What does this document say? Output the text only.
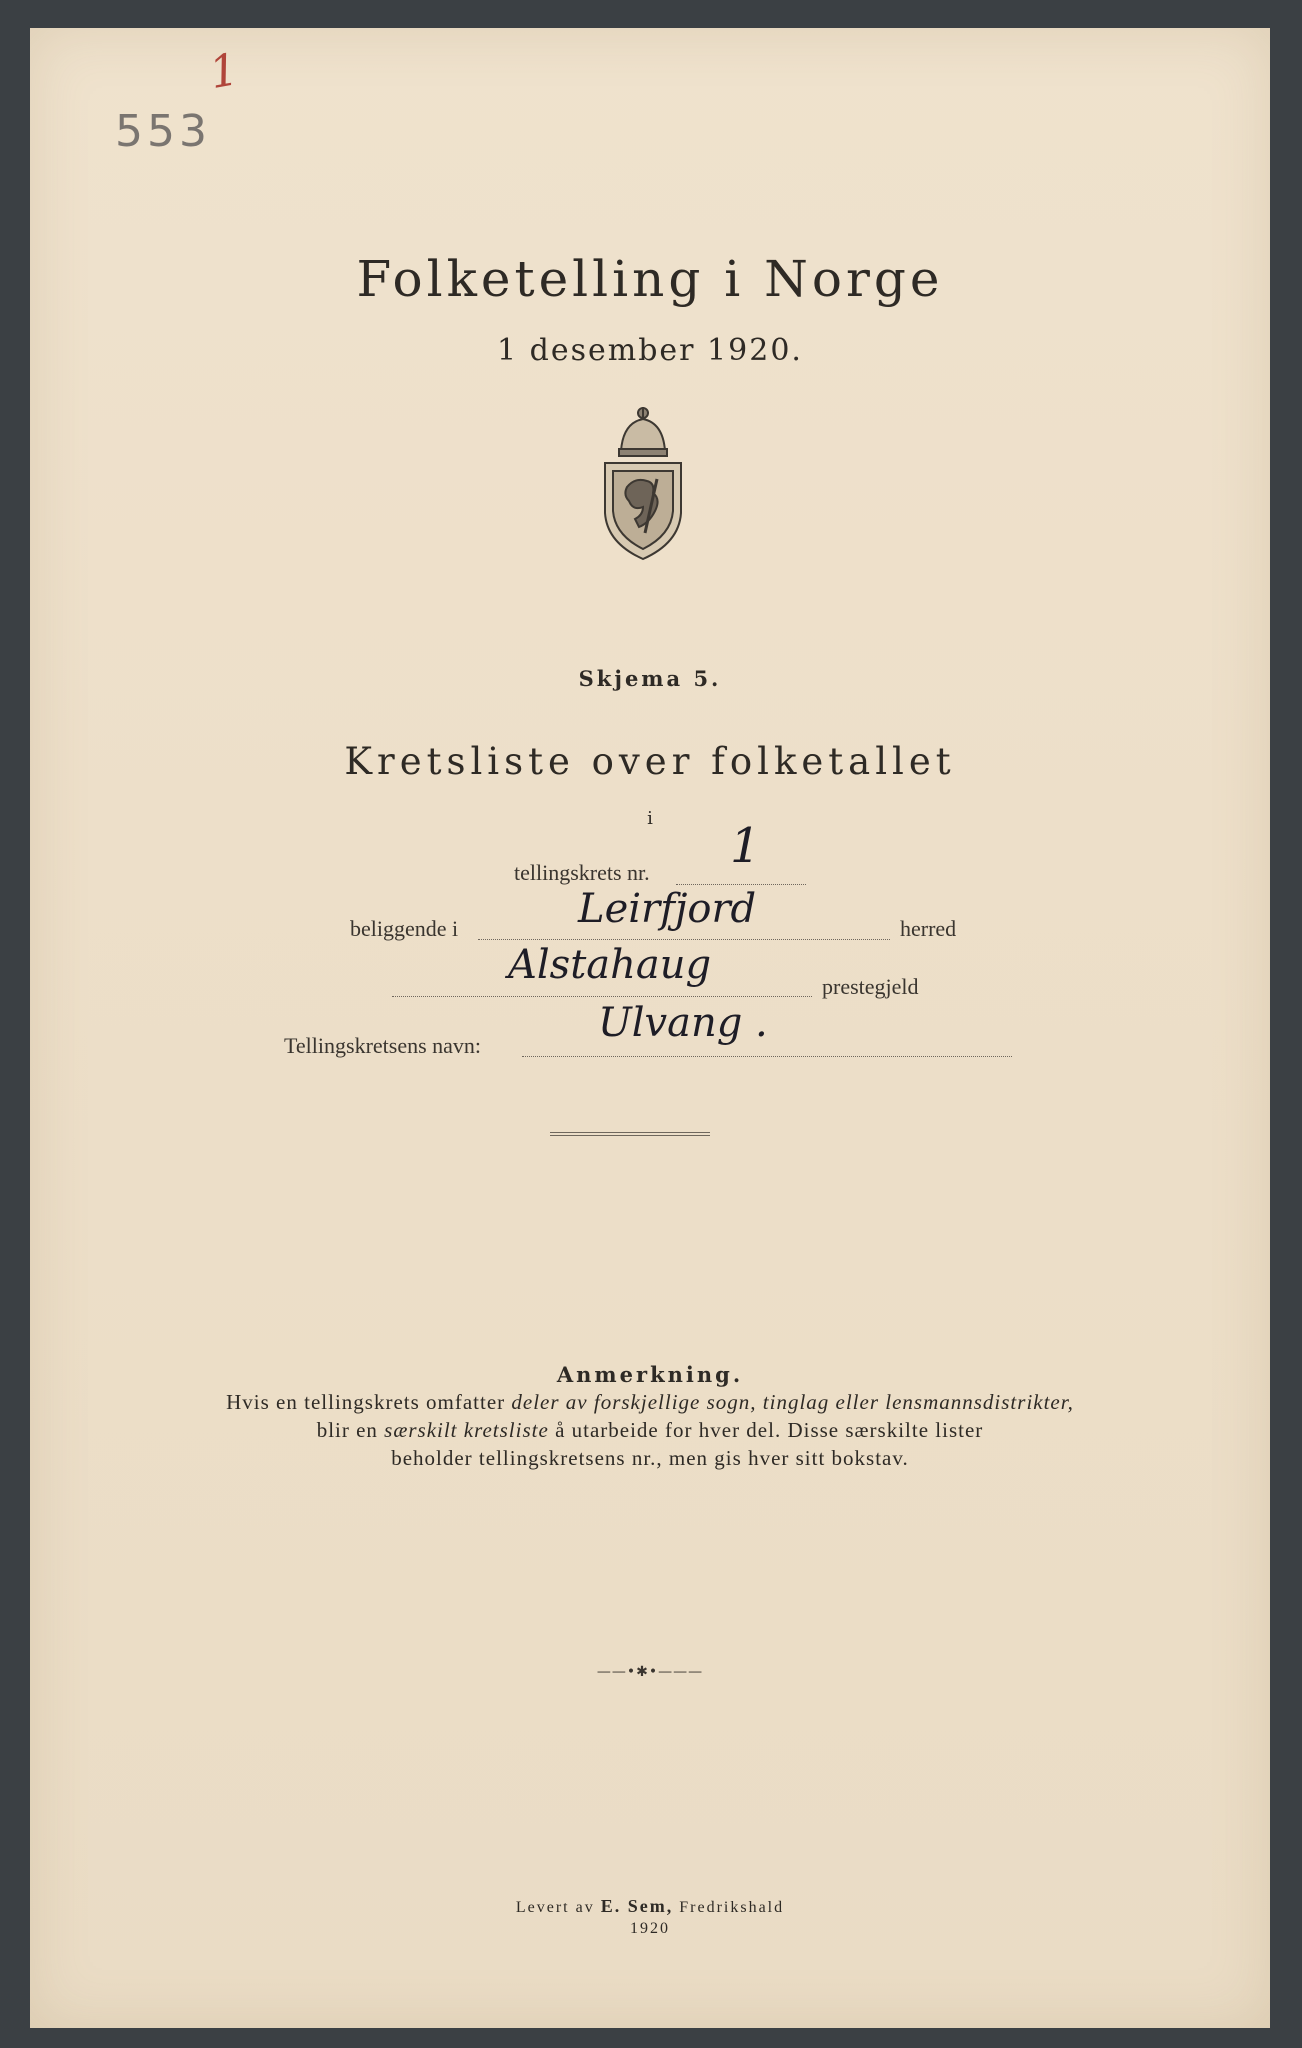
1
553
Folketelling i Norge
1 desember 1920.
Skjema 5.
Kretsliste over folketallet
i
tellingskrets nr. 1
beliggende i	Leirfjord	herred
Alstahaug	prestegjeld
Tellingskretsens navn:	Ulvang .
Anmerkning.
Hvis en tellingskrets omfatter deler av forskjellige sogn, tinglag eller lensmannsdistrikter,
blir en særskilt kretsliste å utarbeide for hver del. Disse særskilte lister
beholder tellingskretsens nr., men gis hver sitt bokstav.
——•✱•———
Levert av E. Sem, Fredrikshald
1920
